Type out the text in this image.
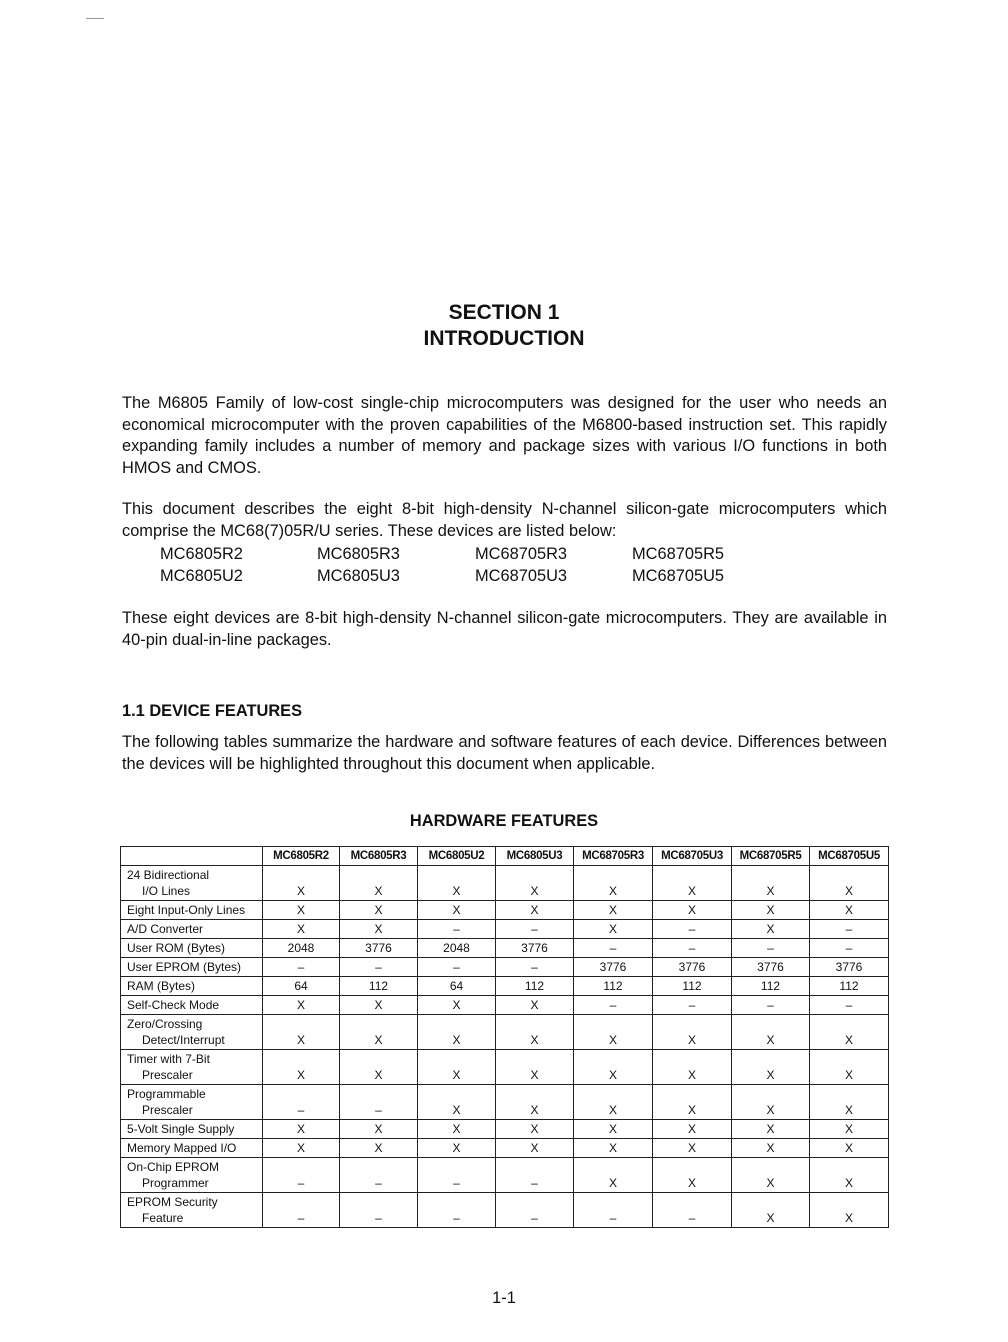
SECTION 1
INTRODUCTION

The M6805 Family of low-cost single-chip microcomputers was designed for the user who needs an economical microcomputer with the proven capabilities of the M6800-based instruction set. This rapidly expanding family includes a number of memory and package sizes with various I/O functions in both HMOS and CMOS.

This document describes the eight 8-bit high-density N-channel silicon-gate microcomputers which comprise the MC68(7)05R/U series. These devices are listed below:

MC6805R2	MC6805R3	MC68705R3	MC68705R5
MC6805U2	MC6805U3	MC68705U3	MC68705U5

These eight devices are 8-bit high-density N-channel silicon-gate microcomputers. They are available in 40-pin dual-in-line packages.

1.1 DEVICE FEATURES

The following tables summarize the hardware and software features of each device. Differences between the devices will be highlighted throughout this document when applicable.

HARDWARE FEATURES
	MC6805R2	MC6805R3	MC6805U2	MC6805U3	MC68705R3	MC68705U3	MC68705R5	MC68705U5

24 Bidirectional
I/O Lines	X	X	X	X	X	X	X	X

Eight Input-Only Lines	X	X	X	X	X	X	X	X

A/D Converter	X	X	–	–	X	–	X	–

User ROM (Bytes)	2048	3776	2048	3776	–	–	–	–

User EPROM (Bytes)	–	–	–	–	3776	3776	3776	3776

RAM (Bytes)	64	112	64	112	112	112	112	112

Self-Check Mode	X	X	X	X	–	–	–	–

Zero/Crossing
Detect/Interrupt	X	X	X	X	X	X	X	X

Timer with 7-Bit
Prescaler	X	X	X	X	X	X	X	X

Programmable
Prescaler	–	–	X	X	X	X	X	X

5-Volt Single Supply	X	X	X	X	X	X	X	X

Memory Mapped I/O	X	X	X	X	X	X	X	X

On-Chip EPROM
Programmer	–	–	–	–	X	X	X	X

EPROM Security
Feature	–	–	–	–	–	–	X	X
1-1
